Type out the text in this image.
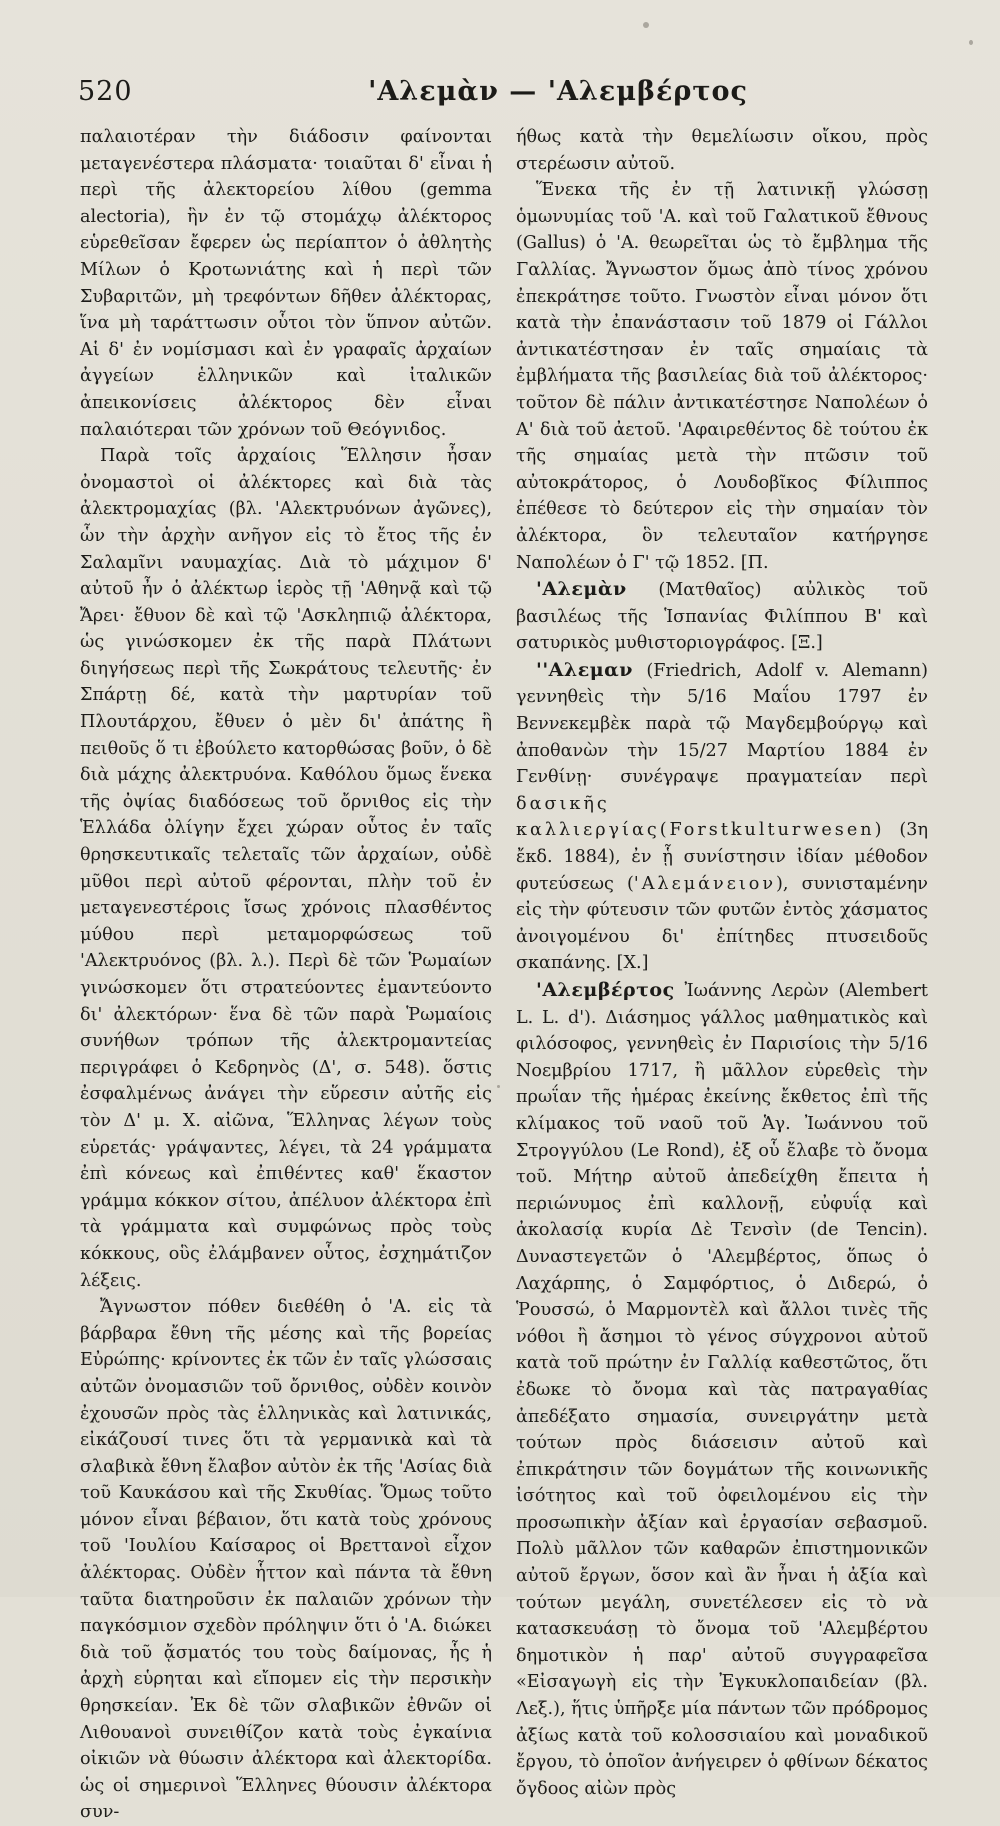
520	'Αλεμὰν — 'Αλεμβέρτος

παλαιοτέραν τὴν διάδοσιν φαίνονται μεταγενέστερα πλάσματα· τοιαῦται δ' εἶναι ἡ περὶ τῆς ἀλεκτορείου λίθου (gemma alectoria), ἣν ἐν τῷ στομάχῳ ἀλέκτορος εὑρεθεῖσαν ἔφερεν ὡς περίαπτον ὁ ἀθλητὴς Μίλων ὁ Κροτωνιάτης καὶ ἡ περὶ τῶν Συβαριτῶν, μὴ τρεφόντων δῆθεν ἀλέκτορας, ἵνα μὴ ταράττωσιν οὗτοι τὸν ὕπνον αὐτῶν. Αἱ δ' ἐν νομίσμασι καὶ ἐν γραφαῖς ἀρχαίων ἀγγείων ἑλληνικῶν καὶ ἰταλικῶν ἀπεικονίσεις ἀλέκτορος δὲν εἶναι παλαιότεραι τῶν χρόνων τοῦ Θεόγνιδος.

Παρὰ τοῖς ἀρχαίοις Ἕλλησιν ἦσαν ὀνομαστοὶ οἱ ἀλέκτορες καὶ διὰ τὰς ἀλεκτρομαχίας (βλ. 'Αλεκτρυόνων ἀγῶνες), ὧν τὴν ἀρχὴν ανῆγον εἰς τὸ ἔτος τῆς ἐν Σαλαμῖνι ναυμαχίας. Διὰ τὸ μάχιμον δ' αὐτοῦ ἦν ὁ ἀλέκτωρ ἱερὸς τῇ 'Αθηνᾷ καὶ τῷ Ἄρει· ἔθυον δὲ καὶ τῷ 'Ασκληπιῷ ἀλέκτορα, ὡς γινώσκομεν ἐκ τῆς παρὰ Πλάτωνι διηγήσεως περὶ τῆς Σωκράτους τελευτῆς· ἐν Σπάρτῃ δέ, κατὰ τὴν μαρτυρίαν τοῦ Πλουτάρχου, ἔθυεν ὁ μὲν δι' ἀπάτης ἢ πειθοῦς ὅ τι ἐβούλετο κατορθώσας βοῦν, ὁ δὲ διὰ μάχης ἀλεκτρυόνα. Καθόλου ὅμως ἕνεκα τῆς ὀψίας διαδόσεως τοῦ ὄρνιθος εἰς τὴν Ἑλλάδα ὀλίγην ἔχει χώραν οὗτος ἐν ταῖς θρησκευτικαῖς τελεταῖς τῶν ἀρχαίων, οὐδὲ μῦθοι περὶ αὐτοῦ φέρονται, πλὴν τοῦ ἐν μεταγενεστέροις ἴσως χρόνοις πλασθέντος μύθου περὶ μεταμορφώσεως τοῦ 'Αλεκτρυόνος (βλ. λ.). Περὶ δὲ τῶν Ῥωμαίων γινώσκομεν ὅτι στρατεύοντες ἐμαντεύοντο δι' ἀλεκτόρων· ἕνα δὲ τῶν παρὰ Ῥωμαίοις συνήθων τρόπων τῆς ἀλεκτρομαντείας περιγράφει ὁ Κεδρηνὸς (Δ', σ. 548). ὅστις ἐσφαλμένως ἀνάγει τὴν εὕρεσιν αὐτῆς εἰς τὸν Δ' μ. Χ. αἰῶνα, Ἕλληνας λέγων τοὺς εὑρετάς· γράψαντες, λέγει, τὰ 24 γράμματα ἐπὶ κόνεως καὶ ἐπιθέντες καθ' ἕκαστον γράμμα κόκκον σίτου, ἀπέλυον ἀλέκτορα ἐπὶ τὰ γράμματα καὶ συμφώνως πρὸς τοὺς κόκκους, οὓς ἐλάμβανεν οὗτος, ἐσχημάτιζον λέξεις.

Ἄγνωστον πόθεν διεθέθη ὁ 'Α. εἰς τὰ βάρβαρα ἔθνη τῆς μέσης καὶ τῆς βορείας Εὐρώπης· κρίνοντες ἐκ τῶν ἐν ταῖς γλώσσαις αὐτῶν ὀνομασιῶν τοῦ ὄρνιθος, οὐδὲν κοινὸν ἐχουσῶν πρὸς τὰς ἑλληνικὰς καὶ λατινικάς, εἰκάζουσί τινες ὅτι τὰ γερμανικὰ καὶ τὰ σλαβικὰ ἔθνη ἔλαβον αὐτὸν ἐκ τῆς 'Ασίας διὰ τοῦ Καυκάσου καὶ τῆς Σκυθίας. Ὅμως τοῦτο μόνον εἶναι βέβαιον, ὅτι κατὰ τοὺς χρόνους τοῦ 'Ιουλίου Καίσαρος οἱ Βρεττανοὶ εἶχον ἀλέκτορας. Οὐδὲν ἧττον καὶ πάντα τὰ ἔθνη ταῦτα διατηροῦσιν ἐκ παλαιῶν χρόνων τὴν παγκόσμιον σχεδὸν πρόληψιν ὅτι ὁ 'Α. διώκει διὰ τοῦ ᾄσματός του τοὺς δαίμονας, ἧς ἡ ἀρχὴ εὑρηται καὶ εἴπομεν εἰς τὴν περσικὴν θρησκείαν. Ἐκ δὲ τῶν σλαβικῶν ἐθνῶν οἱ Λιθουανοὶ συνειθίζον κατὰ τοὺς ἐγκαίνια οἰκιῶν νὰ θύωσιν ἀλέκτορα καὶ ἀλεκτορίδα. ὡς οἱ σημερινοὶ Ἕλληνες θύουσιν ἀλέκτορα συν-

ήθως κατὰ τὴν θεμελίωσιν οἴκου, πρὸς στερέωσιν αὐτοῦ.

Ἕνεκα τῆς ἐν τῇ λατινικῇ γλώσσῃ ὁμωνυμίας τοῦ 'Α. καὶ τοῦ Γαλατικοῦ ἔθνους (Gallus) ὁ 'Α. θεωρεῖται ὡς τὸ ἔμβλημα τῆς Γαλλίας. Ἄγνωστον ὅμως ἀπὸ τίνος χρόνου ἐπεκράτησε τοῦτο. Γνωστὸν εἶναι μόνον ὅτι κατὰ τὴν ἐπανάστασιν τοῦ 1879 οἱ Γάλλοι ἀντικατέστησαν ἐν ταῖς σημαίαις τὰ ἐμβλήματα τῆς βασιλείας διὰ τοῦ ἀλέκτορος· τοῦτον δὲ πάλιν ἀντικατέστησε Ναπολέων ὁ Α' διὰ τοῦ ἀετοῦ. 'Αφαιρεθέντος δὲ τούτου ἐκ τῆς σημαίας μετὰ τὴν πτῶσιν τοῦ αὐτοκράτορος, ὁ Λουδοβῖκος Φίλιππος ἐπέθεσε τὸ δεύτερον εἰς τὴν σημαίαν τὸν ἀλέκτορα, ὃν τελευταῖον κατήργησε Ναπολέων ὁ Γ' τῷ 1852. [Π.

'Αλεμὰν (Ματθαῖος) αὐλικὸς τοῦ βασιλέως τῆς Ἱσπανίας Φιλίππου Β' καὶ σατυρικὸς μυθιστοριογράφος. [Ξ.]

''Αλεμαν (Friedrich, Adolf v. Alemann) γεννηθεὶς τὴν 5/16 Μαΐου 1797 ἐν Βεννεκεμβὲκ παρὰ τῷ Μαγδεμβούργῳ καὶ ἀποθανὼν τὴν 15/27 Μαρτίου 1884 ἐν Γενθίνῃ· συνέγραψε πραγματείαν περὶ δασικῆς καλλιεργίας(Forstkulturwesen) (3η ἔκδ. 1884), ἐν ᾗ συνίστησιν ἰδίαν μέθοδον φυτεύσεως ('Αλεμάνειον), συνισταμένην εἰς τὴν φύτευσιν τῶν φυτῶν ἐντὸς χάσματος ἀνοιγομένου δι' ἐπίτηδες πτυσειδοῦς σκαπάνης. [Χ.]

'Αλεμβέρτος Ἰωάννης Λερὼν (Alembert L. L. d'). Διάσημος γάλλος μαθηματικὸς καὶ φιλόσοφος, γεννηθεὶς ἐν Παρισίοις τὴν 5/16 Νοεμβρίου 1717, ἢ μᾶλλον εὑρεθεὶς τὴν πρωΐαν τῆς ἡμέρας ἐκείνης ἔκθετος ἐπὶ τῆς κλίμακος τοῦ ναοῦ τοῦ Ἁγ. Ἰωάννου τοῦ Στρογγύλου (Le Rond), ἐξ οὗ ἔλαβε τὸ ὄνομα τοῦ. Μήτηρ αὐτοῦ ἀπεδείχθη ἔπειτα ἡ περιώνυμος ἐπὶ καλλονῇ, εὐφυΐᾳ καὶ ἀκολασίᾳ κυρία Δὲ Τενσὶν (de Tencin). Δυναστεγετῶν ὁ 'Αλεμβέρτος, ὅπως ὁ Λαχάρπης, ὁ Σαμφόρτιος, ὁ Διδερώ, ὁ Ῥουσσώ, ὁ Μαρμοντὲλ καὶ ἄλλοι τινὲς τῆς νόθοι ἢ ἄσημοι τὸ γένος σύγχρονοι αὐτοῦ κατὰ τοῦ πρώτην ἐν Γαλλίᾳ καθεστῶτος, ὅτι ἐδωκε τὸ ὄνομα καὶ τὰς πατραγαθίας ἀπεδέξατο σημασία, συνειργάτην μετὰ τούτων πρὸς διάσεισιν αὐτοῦ καὶ ἐπικράτησιν τῶν δογμάτων τῆς κοινωνικῆς ἰσότητος καὶ τοῦ ὀφειλομένου εἰς τὴν προσωπικὴν ἀξίαν καὶ ἐργασίαν σεβασμοῦ. Πολὺ μᾶλλον τῶν καθαρῶν ἐπιστημονικῶν αὐτοῦ ἔργων, ὅσον καὶ ἂν ἦναι ἡ ἀξία καὶ τούτων μεγάλη, συνετέλεσεν εἰς τὸ νὰ κατασκευάσῃ τὸ ὄνομα τοῦ 'Αλεμβέρτου δημοτικὸν ἡ παρ' αὐτοῦ συγγραφεῖσα «Εἰσαγωγὴ εἰς τὴν Ἐγκυκλοπαιδείαν (βλ. Λεξ.), ἥτις ὑπῆρξε μία πάντων τῶν πρόδρομος ἀξίως κατὰ τοῦ κολοσσιαίου καὶ μοναδικοῦ ἔργου, τὸ ὁποῖον ἀνήγειρεν ὁ φθίνων δέκατος ὄγδοος αἰὼν πρὸς
